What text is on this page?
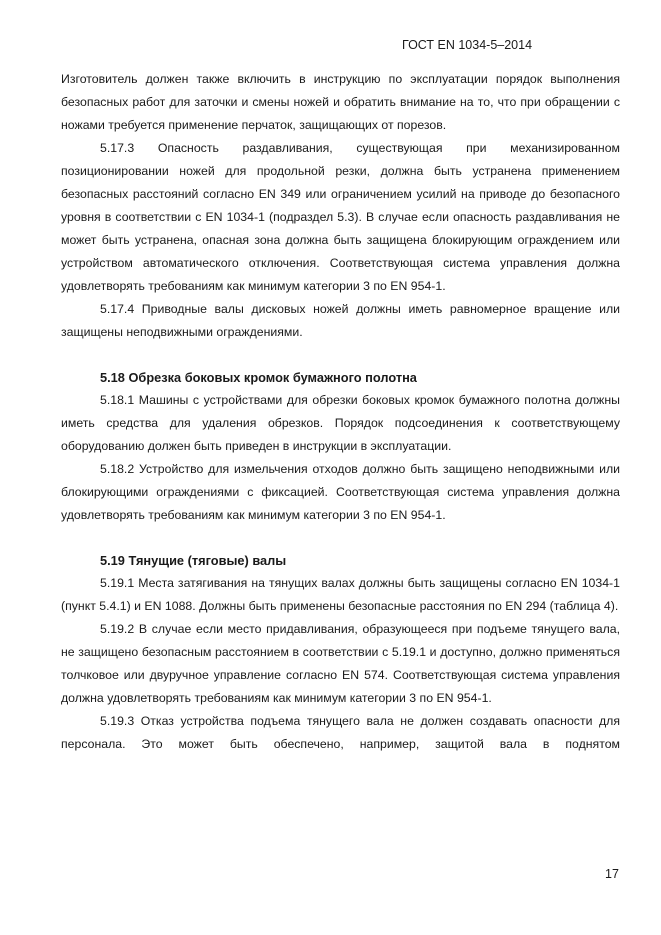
ГОСТ EN 1034-5–2014

Изготовитель должен также включить в инструкцию по эксплуатации порядок выполнения безопасных работ для заточки и смены ножей и обратить внимание на то, что при обращении с ножами требуется применение перчаток, защищающих от порезов.

5.17.3 Опасность раздавливания, существующая при механизированном позиционировании ножей для продольной резки, должна быть устранена применением безопасных расстояний согласно EN 349 или ограничением усилий на приводе до безопасного уровня в соответствии с EN 1034-1 (подраздел 5.3). В случае если опасность раздавливания не может быть устранена, опасная зона должна быть защищена блокирующим ограждением или устройством автоматического отключения. Соответствующая система управления должна удовлетворять требованиям как минимум категории 3 по EN 954-1.

5.17.4 Приводные валы дисковых ножей должны иметь равномерное вращение или защищены неподвижными ограждениями.

5.18 Обрезка боковых кромок бумажного полотна

5.18.1 Машины с устройствами для обрезки боковых кромок бумажного полотна должны иметь средства для удаления обрезков. Порядок подсоединения к соответствующему оборудованию должен быть приведен в инструкции в эксплуатации.

5.18.2 Устройство для измельчения отходов должно быть защищено неподвижными или блокирующими ограждениями с фиксацией. Соответствующая система управления должна удовлетворять требованиям как минимум категории 3 по EN 954-1.

5.19 Тянущие (тяговые) валы

5.19.1 Места затягивания на тянущих валах должны быть защищены согласно EN 1034-1 (пункт 5.4.1) и EN 1088. Должны быть применены безопасные расстояния по EN 294 (таблица 4).

5.19.2 В случае если место придавливания, образующееся при подъеме тянущего вала, не защищено безопасным расстоянием в соответствии с 5.19.1 и доступно, должно применяться толчковое или двуручное управление согласно EN 574. Соответствующая система управления должна удовлетворять требованиям как минимум категории 3 по EN 954-1.

5.19.3 Отказ устройства подъема тянущего вала не должен создавать опасности для персонала. Это может быть обеспечено, например, защитой вала в поднятом

17
